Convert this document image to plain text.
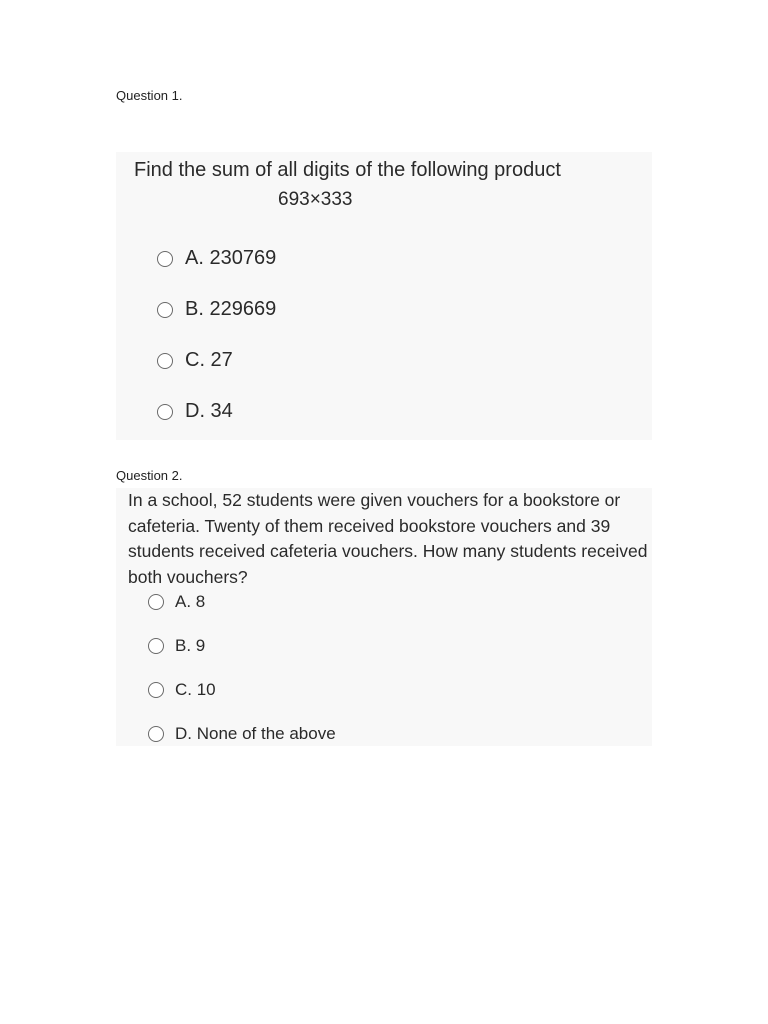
Question 1.
Find the sum of all digits of the following product
693×333
A. 230769
B. 229669
C. 27
D. 34
Question 2.
In a school, 52 students were given vouchers for a bookstore or cafeteria. Twenty of them received bookstore vouchers and 39 students received cafeteria vouchers. How many students received both vouchers?
A. 8
B. 9
C. 10
D. None of the above
